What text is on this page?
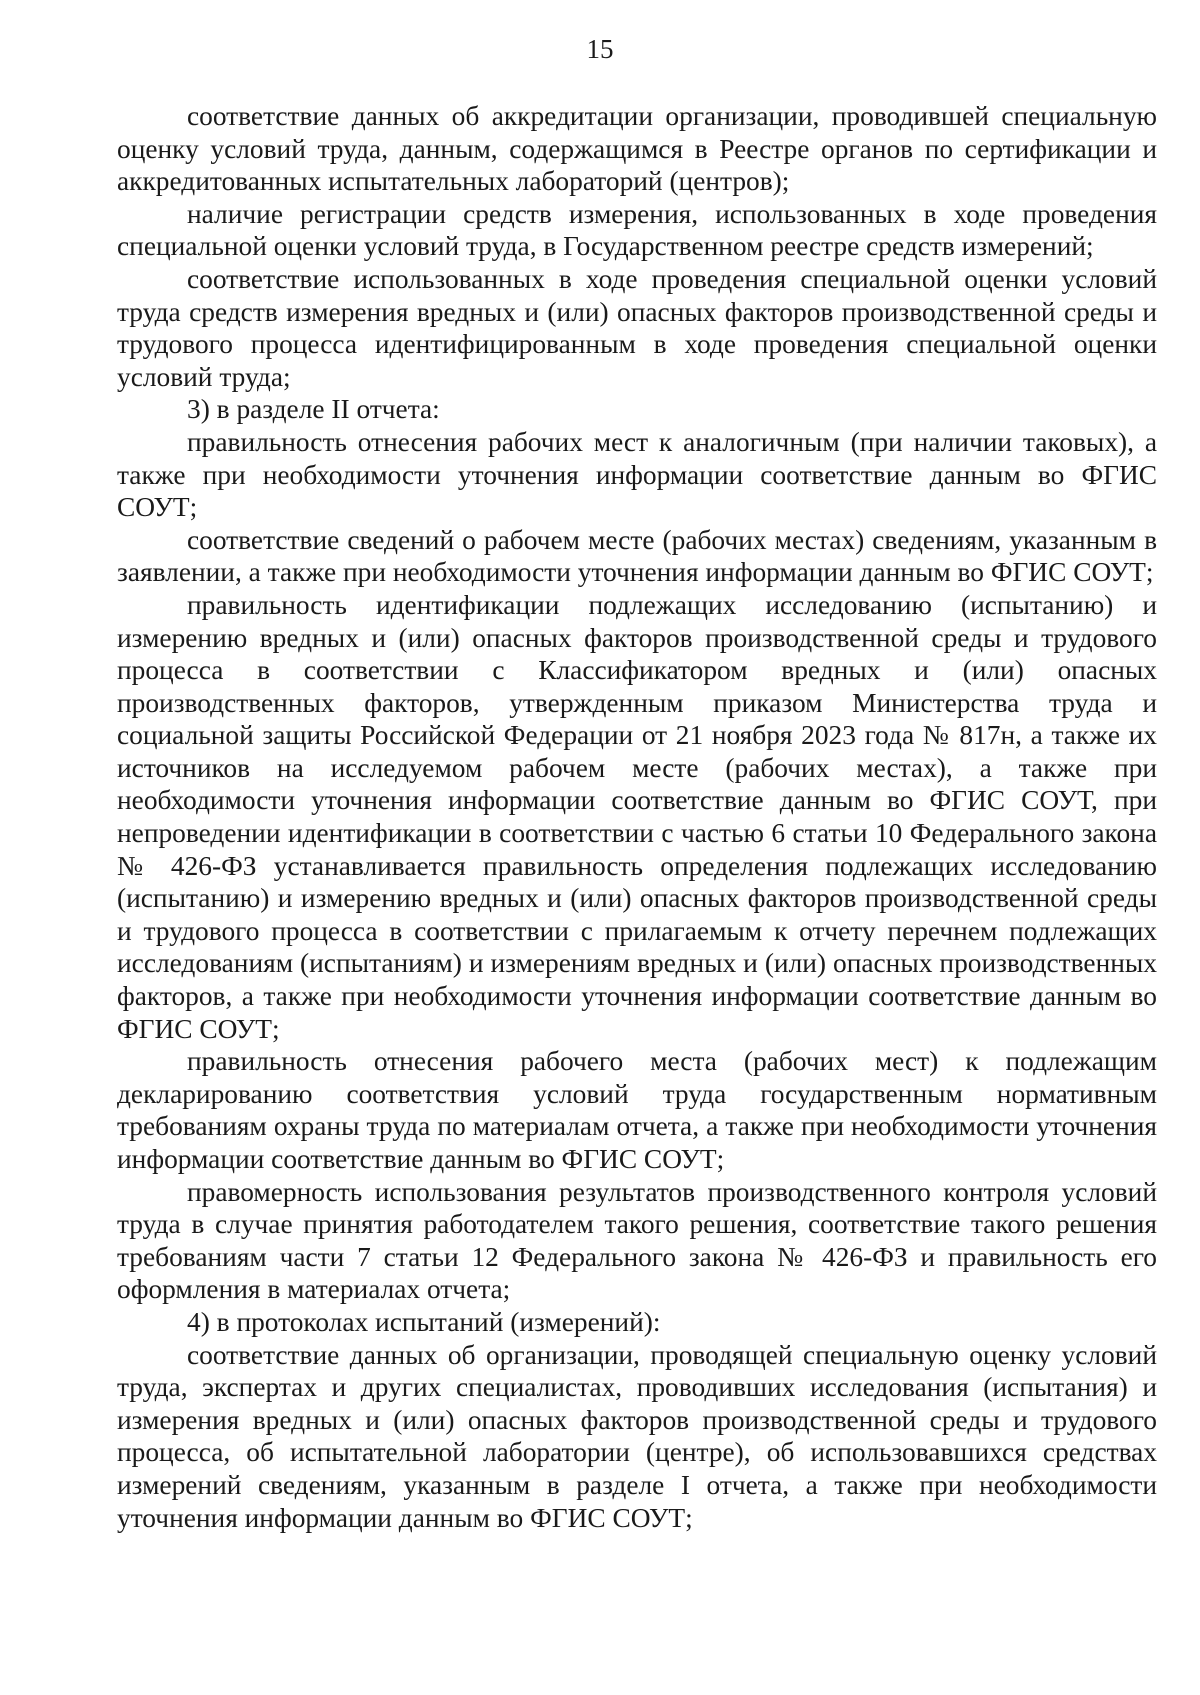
15

соответствие данных об аккредитации организации, проводившей специальную оценку условий труда, данным, содержащимся в Реестре органов по сертификации и аккредитованных испытательных лабораторий (центров);

наличие регистрации средств измерения, использованных в ходе проведения специальной оценки условий труда, в Государственном реестре средств измерений;

соответствие использованных в ходе проведения специальной оценки условий труда средств измерения вредных и (или) опасных факторов производственной среды и трудового процесса идентифицированным в ходе проведения специальной оценки условий труда;

3) в разделе II отчета:

правильность отнесения рабочих мест к аналогичным (при наличии таковых), а также при необходимости уточнения информации соответствие данным во ФГИС СОУТ;

соответствие сведений о рабочем месте (рабочих местах) сведениям, указанным в заявлении, а также при необходимости уточнения информации данным во ФГИС СОУТ;

правильность идентификации подлежащих исследованию (испытанию) и измерению вредных и (или) опасных факторов производственной среды и трудового процесса в соответствии с Классификатором вредных и (или) опасных производственных факторов, утвержденным приказом Министерства труда и социальной защиты Российской Федерации от 21 ноября 2023 года № 817н, а также их источников на исследуемом рабочем месте (рабочих местах), а также при необходимости уточнения информации соответствие данным во ФГИС СОУТ, при непроведении идентификации в соответствии с частью 6 статьи 10 Федерального закона № 426-ФЗ устанавливается правильность определения подлежащих исследованию (испытанию) и измерению вредных и (или) опасных факторов производственной среды и трудового процесса в соответствии с прилагаемым к отчету перечнем подлежащих исследованиям (испытаниям) и измерениям вредных и (или) опасных производственных факторов, а также при необходимости уточнения информации соответствие данным во ФГИС СОУТ;

правильность отнесения рабочего места (рабочих мест) к подлежащим декларированию соответствия условий труда государственным нормативным требованиям охраны труда по материалам отчета, а также при необходимости уточнения информации соответствие данным во ФГИС СОУТ;

правомерность использования результатов производственного контроля условий труда в случае принятия работодателем такого решения, соответствие такого решения требованиям части 7 статьи 12 Федерального закона № 426-ФЗ и правильность его оформления в материалах отчета;

4) в протоколах испытаний (измерений):

соответствие данных об организации, проводящей специальную оценку условий труда, экспертах и других специалистах, проводивших исследования (испытания) и измерения вредных и (или) опасных факторов производственной среды и трудового процесса, об испытательной лаборатории (центре), об использовавшихся средствах измерений сведениям, указанным в разделе I отчета, а также при необходимости уточнения информации данным во ФГИС СОУТ;
